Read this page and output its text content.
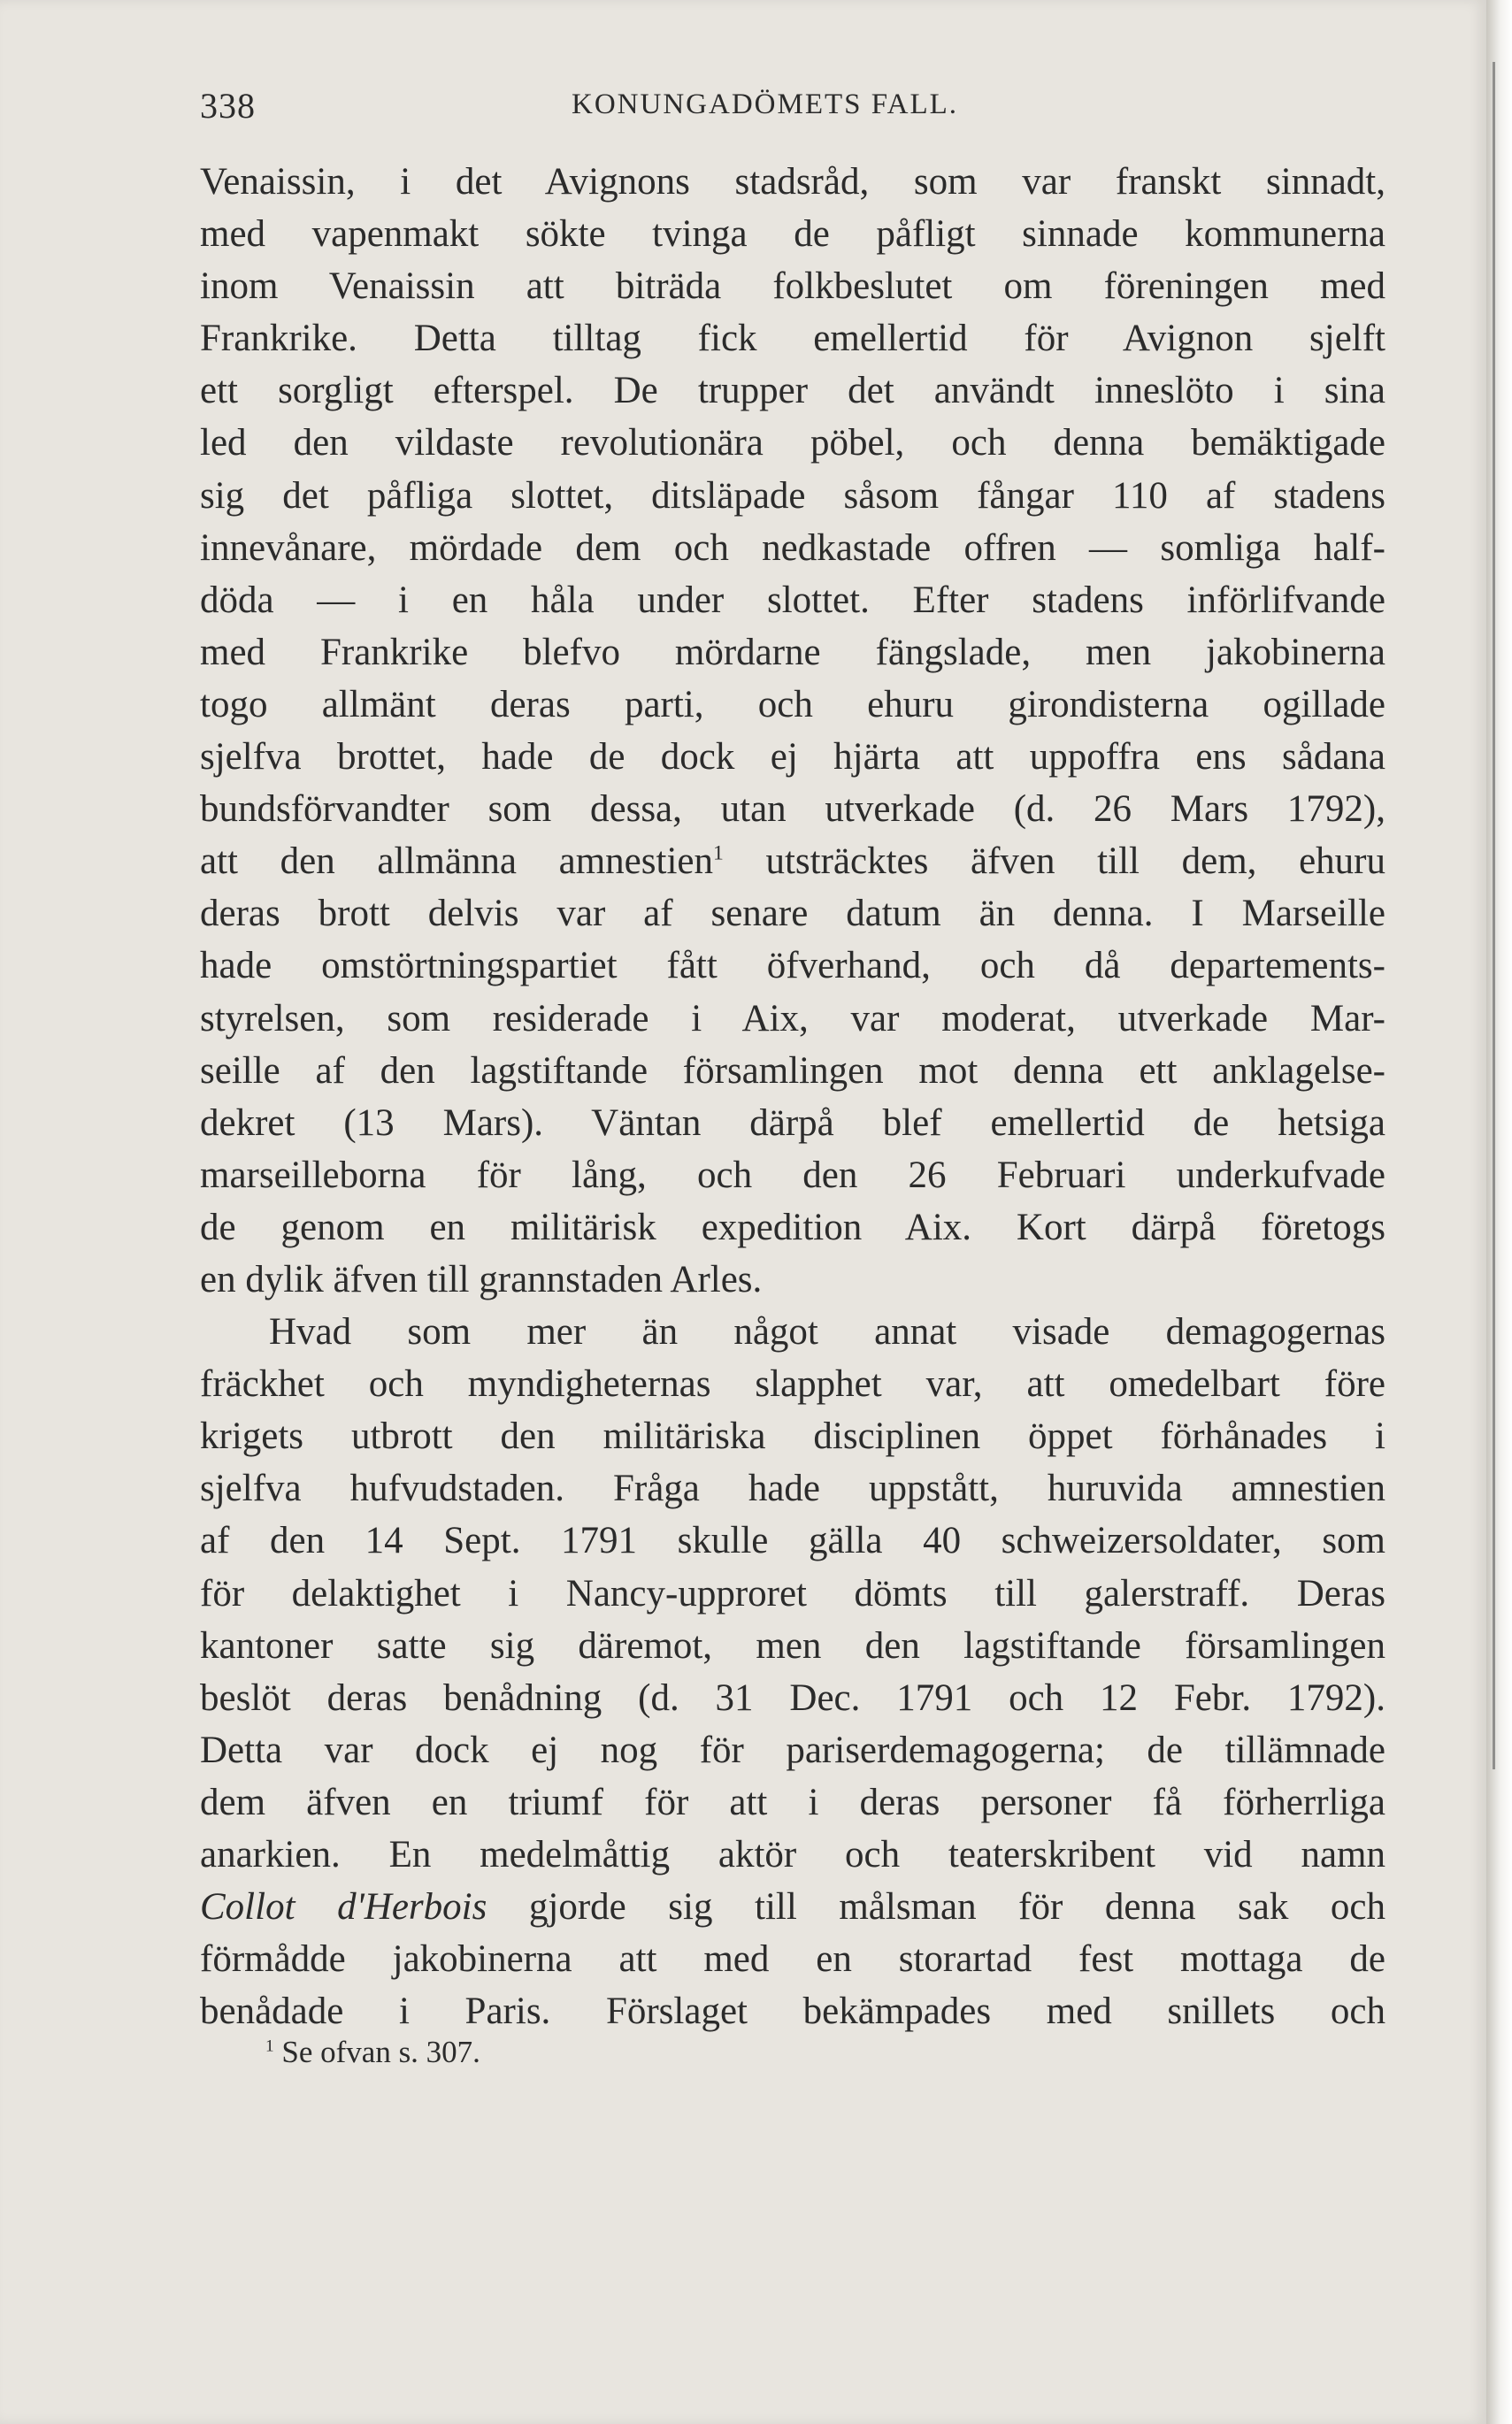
338	KONUNGADÖMETS FALL.
Venaissin, i det Avignons stadsråd, som var franskt sinnadt,
med vapenmakt sökte tvinga de påfligt sinnade kommunerna
inom Venaissin att biträda folkbeslutet om föreningen med
Frankrike. Detta tilltag fick emellertid för Avignon sjelft
ett sorgligt efterspel. De trupper det användt inneslöto i sina
led den vildaste revolutionära pöbel, och denna bemäktigade
sig det påfliga slottet, ditsläpade såsom fångar 110 af stadens
innevånare, mördade dem och nedkastade offren — somliga half-
döda — i en håla under slottet. Efter stadens införlifvande
med Frankrike blefvo mördarne fängslade, men jakobinerna
togo allmänt deras parti, och ehuru girondisterna ogillade
sjelfva brottet, hade de dock ej hjärta att uppoffra ens sådana
bundsförvandter som dessa, utan utverkade (d. 26 Mars 1792),
att den allmänna amnestien$^1$ utsträcktes äfven till dem, ehuru
deras brott delvis var af senare datum än denna. I Marseille
hade omstörtningspartiet fått öfverhand, och då departements-
styrelsen, som residerade i Aix, var moderat, utverkade Mar-
seille af den lagstiftande församlingen mot denna ett anklagelse-
dekret (13 Mars). Väntan därpå blef emellertid de hetsiga
marseilleborna för lång, och den 26 Februari underkufvade
de genom en militärisk expedition Aix. Kort därpå företogs
en dylik äfven till grannstaden Arles.
Hvad som mer än något annat visade demagogernas
fräckhet och myndigheternas slapphet var, att omedelbart före
krigets utbrott den militäriska disciplinen öppet förhånades i
sjelfva hufvudstaden. Fråga hade uppstått, huruvida amnestien
af den 14 Sept. 1791 skulle gälla 40 schweizersoldater, som
för delaktighet i Nancy-upproret dömts till galerstraff. Deras
kantoner satte sig däremot, men den lagstiftande församlingen
beslöt deras benådning (d. 31 Dec. 1791 och 12 Febr. 1792).
Detta var dock ej nog för pariserdemagogerna; de tillämnade
dem äfven en triumf för att i deras personer få förherrliga
anarkien. En medelmåttig aktör och teaterskribent vid namn
Collot d'Herbois gjorde sig till målsman för denna sak och
förmådde jakobinerna att med en storartad fest mottaga de
benådade i Paris. Förslaget bekämpades med snillets och
$^1$ Se ofvan s. 307.
